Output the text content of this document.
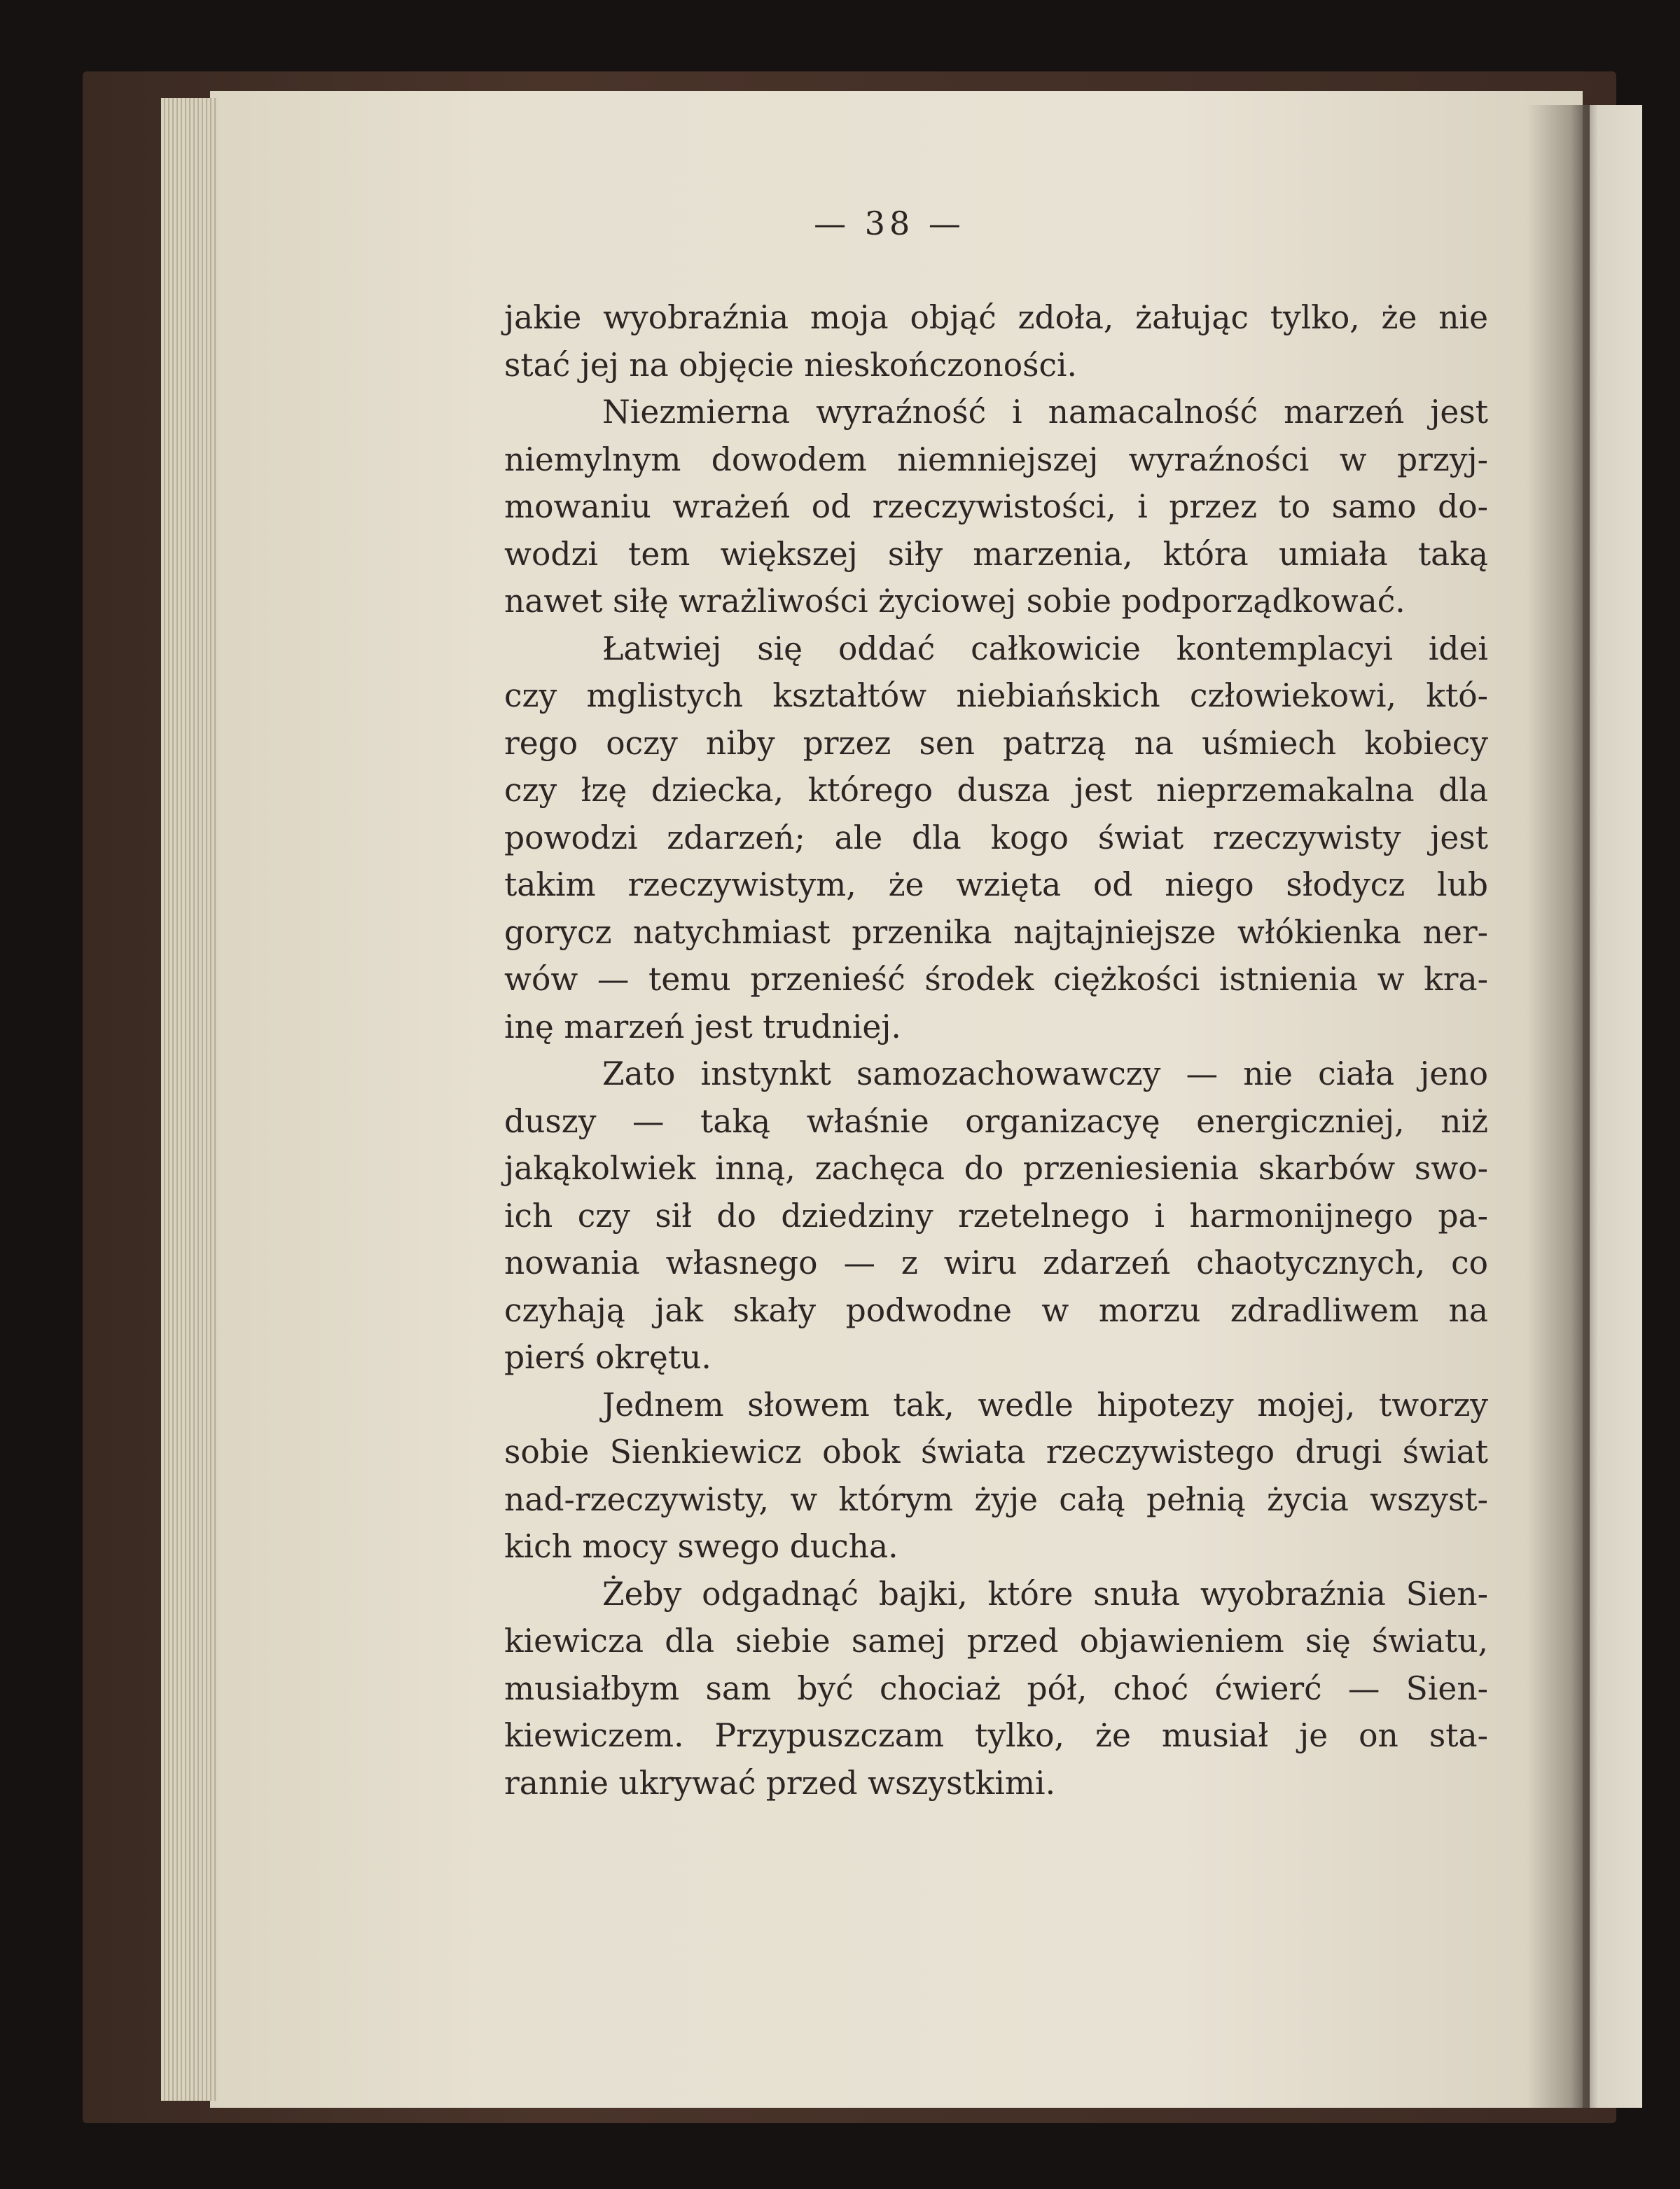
— 38 —
jakie wyobraźnia moja objąć zdoła, żałując tylko, że nie
stać jej na objęcie nieskończoności.
Niezmierna wyraźność i namacalność marzeń jest
niemylnym dowodem niemniejszej wyraźności w przyj-
mowaniu wrażeń od rzeczywistości, i przez to samo do-
wodzi tem większej siły marzenia, która umiała taką
nawet siłę wrażliwości życiowej sobie podporządkować.
Łatwiej się oddać całkowicie kontemplacyi idei
czy mglistych kształtów niebiańskich człowiekowi, któ-
rego oczy niby przez sen patrzą na uśmiech kobiecy
czy łzę dziecka, którego dusza jest nieprzemakalna dla
powodzi zdarzeń; ale dla kogo świat rzeczywisty jest
takim rzeczywistym, że wzięta od niego słodycz lub
gorycz natychmiast przenika najtajniejsze włókienka ner-
wów — temu przenieść środek ciężkości istnienia w kra-
inę marzeń jest trudniej.
Zato instynkt samozachowawczy — nie ciała jeno
duszy — taką właśnie organizacyę energiczniej, niż
jakąkolwiek inną, zachęca do przeniesienia skarbów swo-
ich czy sił do dziedziny rzetelnego i harmonijnego pa-
nowania własnego — z wiru zdarzeń chaotycznych, co
czyhają jak skały podwodne w morzu zdradliwem na
pierś okrętu.
Jednem słowem tak, wedle hipotezy mojej, tworzy
sobie Sienkiewicz obok świata rzeczywistego drugi świat
nad-rzeczywisty, w którym żyje całą pełnią życia wszyst-
kich mocy swego ducha.
Żeby odgadnąć bajki, które snuła wyobraźnia Sien-
kiewicza dla siebie samej przed objawieniem się światu,
musiałbym sam być chociaż pół, choć ćwierć — Sien-
kiewiczem. Przypuszczam tylko, że musiał je on sta-
rannie ukrywać przed wszystkimi.
